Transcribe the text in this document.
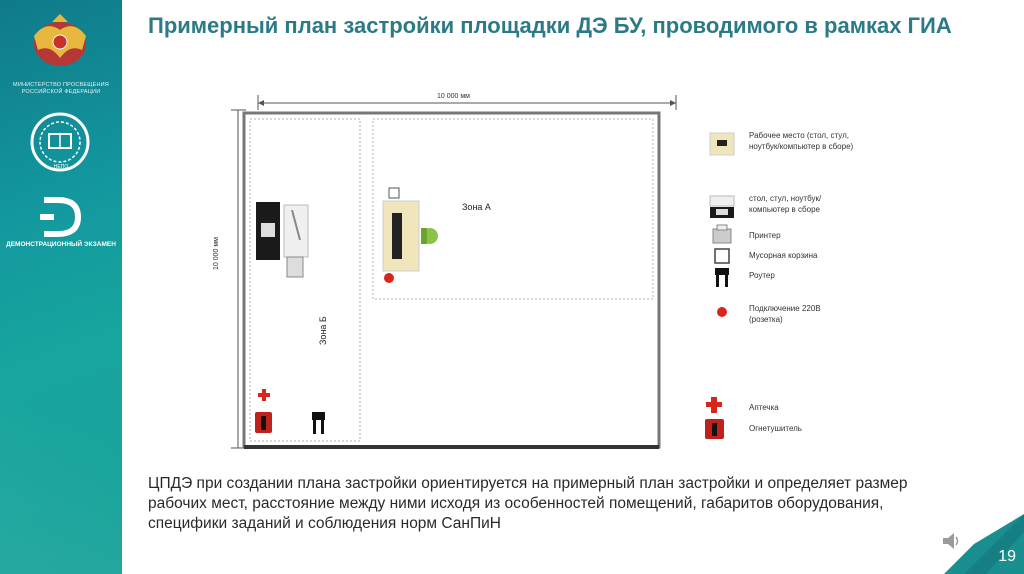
МИНИСТЕРСТВО ПРОСВЕЩЕНИЯ РОССИЙСКОЙ ФЕДЕРАЦИИ
НЕПО
ДЕМОНСТРАЦИОННЫЙ ЭКЗАМЕН
Примерный план застройки площадки ДЭ БУ, проводимого в рамках ГИА
10 000 мм
10 000 мм
Зона А
Зона Б
Рабочее место (стол, стул, ноутбук/компьютер в сборе)
стол, стул, ноутбук/компьютер в сборе
Принтер
Мусорная корзина
Роутер
Подключение 220В (розетка)
Аптечка
Огнетушитель
ЦПДЭ при создании плана застройки ориентируется на примерный план застройки и определяет размер рабочих мест, расстояние между ними исходя из особенностей помещений, габаритов оборудования, специфики заданий и соблюдения норм СанПиН
19
